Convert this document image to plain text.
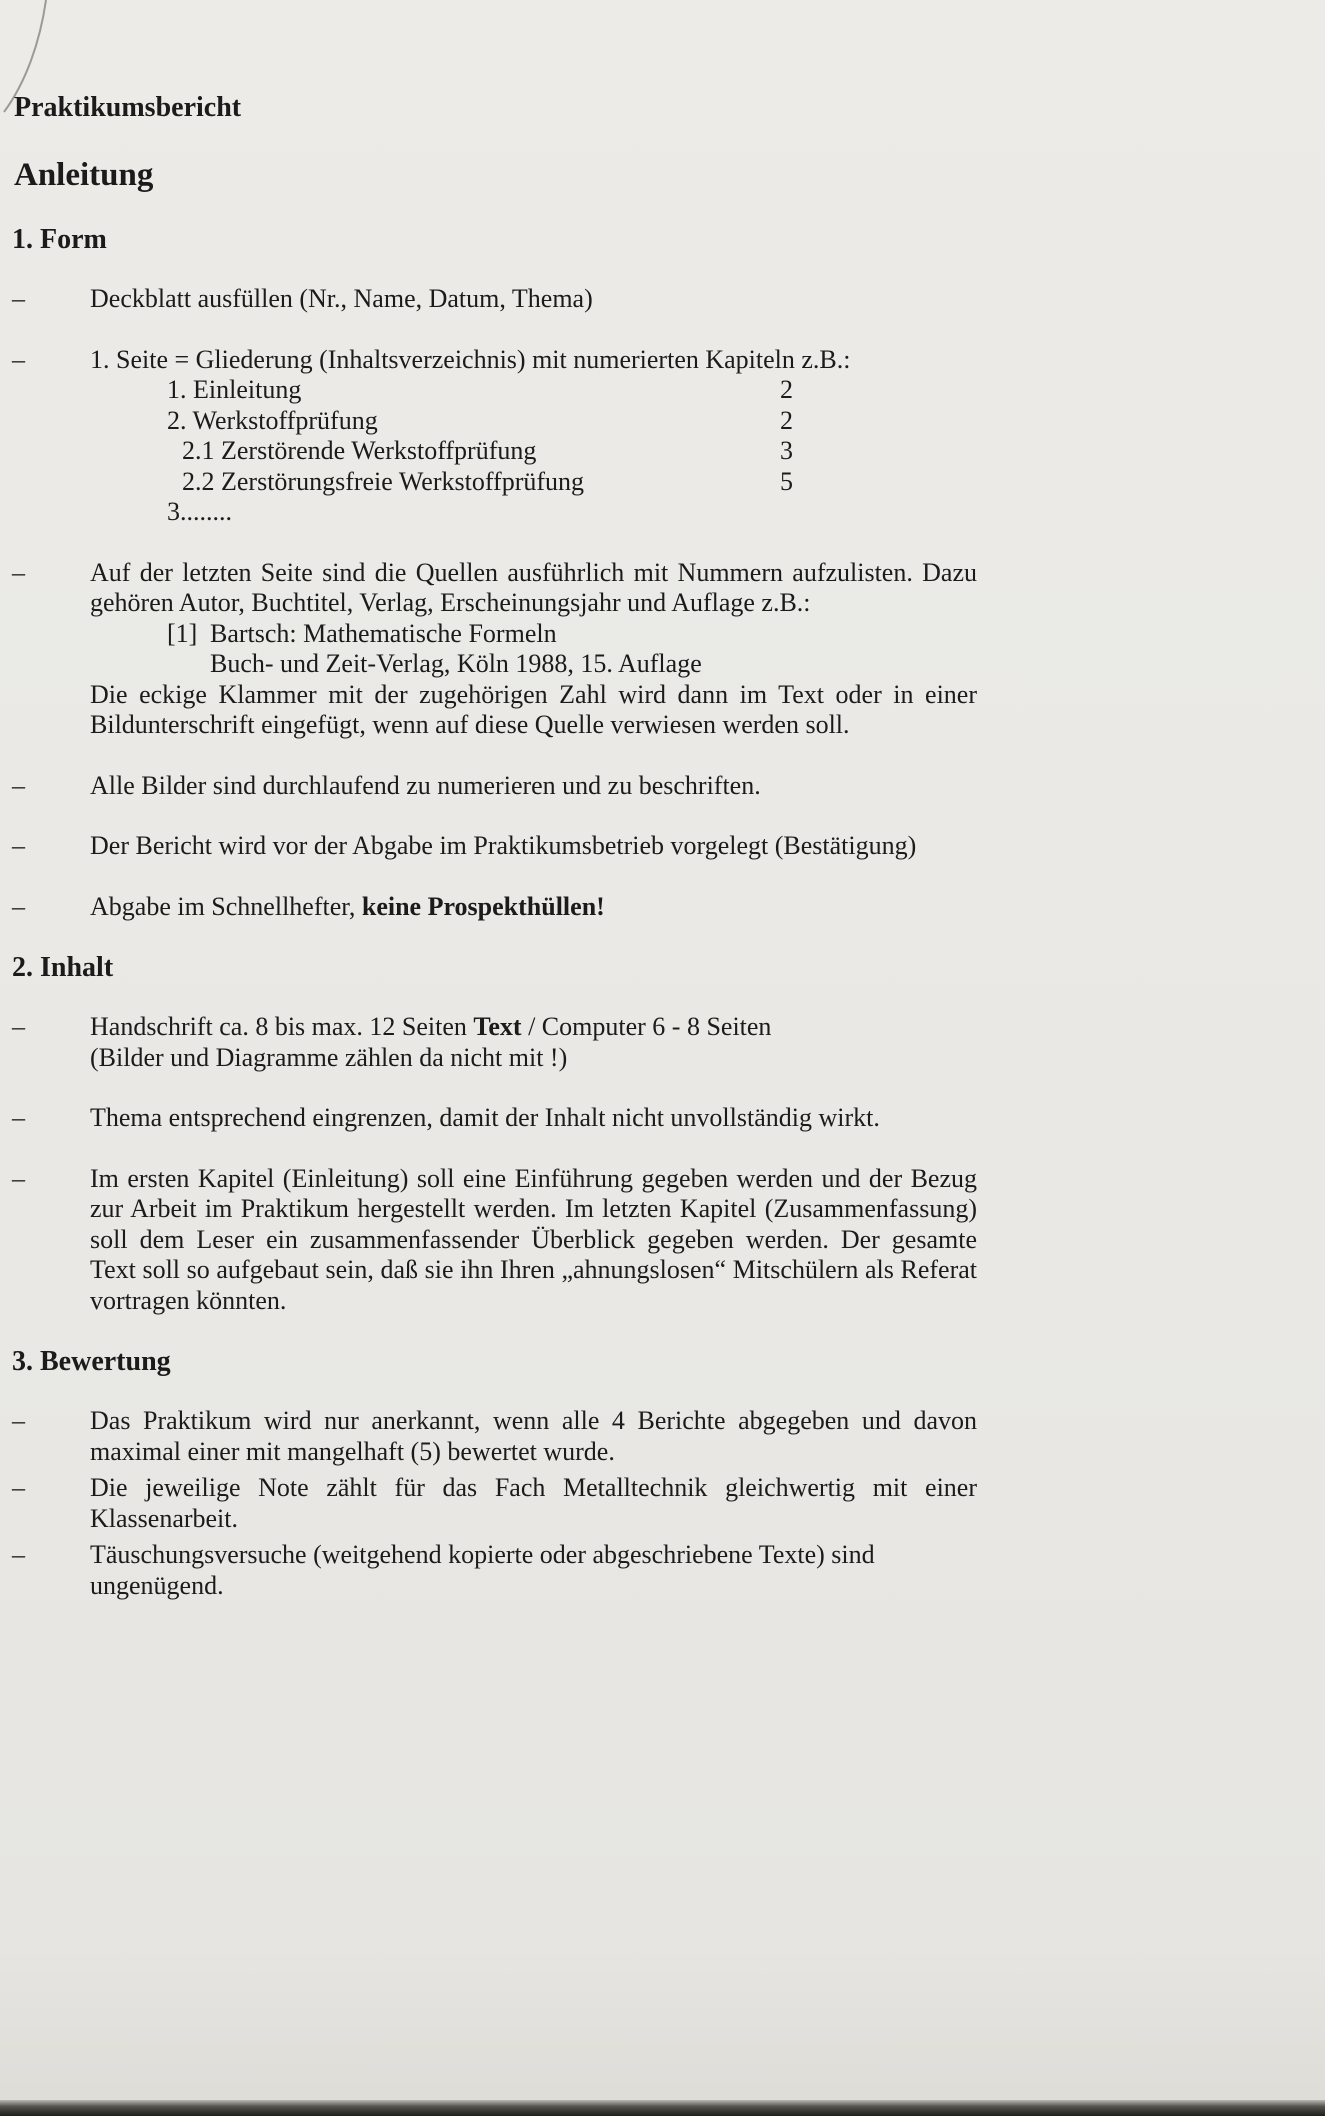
Praktikumsbericht
Anleitung
1. Form
–	Deckblatt ausfüllen (Nr., Name, Datum, Thema)
–	1. Seite = Gliederung (Inhaltsverzeichnis) mit numerierten Kapiteln z.B.:
1. Einleitung	2
2. Werkstoffprüfung	2
2.1 Zerstörende Werkstoffprüfung	3
2.2 Zerstörungsfreie Werkstoffprüfung	5
3........
–	Auf der letzten Seite sind die Quellen ausführlich mit Nummern aufzulisten. Dazu gehören Autor, Buchtitel, Verlag, Erscheinungsjahr und Auflage z.B.:
[1] Bartsch: Mathematische Formeln
Buch- und Zeit-Verlag, Köln 1988, 15. Auflage
Die eckige Klammer mit der zugehörigen Zahl wird dann im Text oder in einer Bildunterschrift eingefügt, wenn auf diese Quelle verwiesen werden soll.
–	Alle Bilder sind durchlaufend zu numerieren und zu beschriften.
–	Der Bericht wird vor der Abgabe im Praktikumsbetrieb vorgelegt (Bestätigung)
–	Abgabe im Schnellhefter, keine Prospekthüllen!
2. Inhalt
–	Handschrift ca. 8 bis max. 12 Seiten Text / Computer 6 - 8 Seiten
(Bilder und Diagramme zählen da nicht mit !)
–	Thema entsprechend eingrenzen, damit der Inhalt nicht unvollständig wirkt.
–	Im ersten Kapitel (Einleitung) soll eine Einführung gegeben werden und der Bezug zur Arbeit im Praktikum hergestellt werden. Im letzten Kapitel (Zusammenfassung) soll dem Leser ein zusammenfassender Überblick gegeben werden. Der gesamte Text soll so aufgebaut sein, daß sie ihn Ihren „ahnungslosen“ Mitschülern als Referat vortragen könnten.
3. Bewertung
–	Das Praktikum wird nur anerkannt, wenn alle 4 Berichte abgegeben und davon maximal einer mit mangelhaft (5) bewertet wurde.
–	Die jeweilige Note zählt für das Fach Metalltechnik gleichwertig mit einer Klassenarbeit.
–	Täuschungsversuche (weitgehend kopierte oder abgeschriebene Texte) sind ungenügend.
